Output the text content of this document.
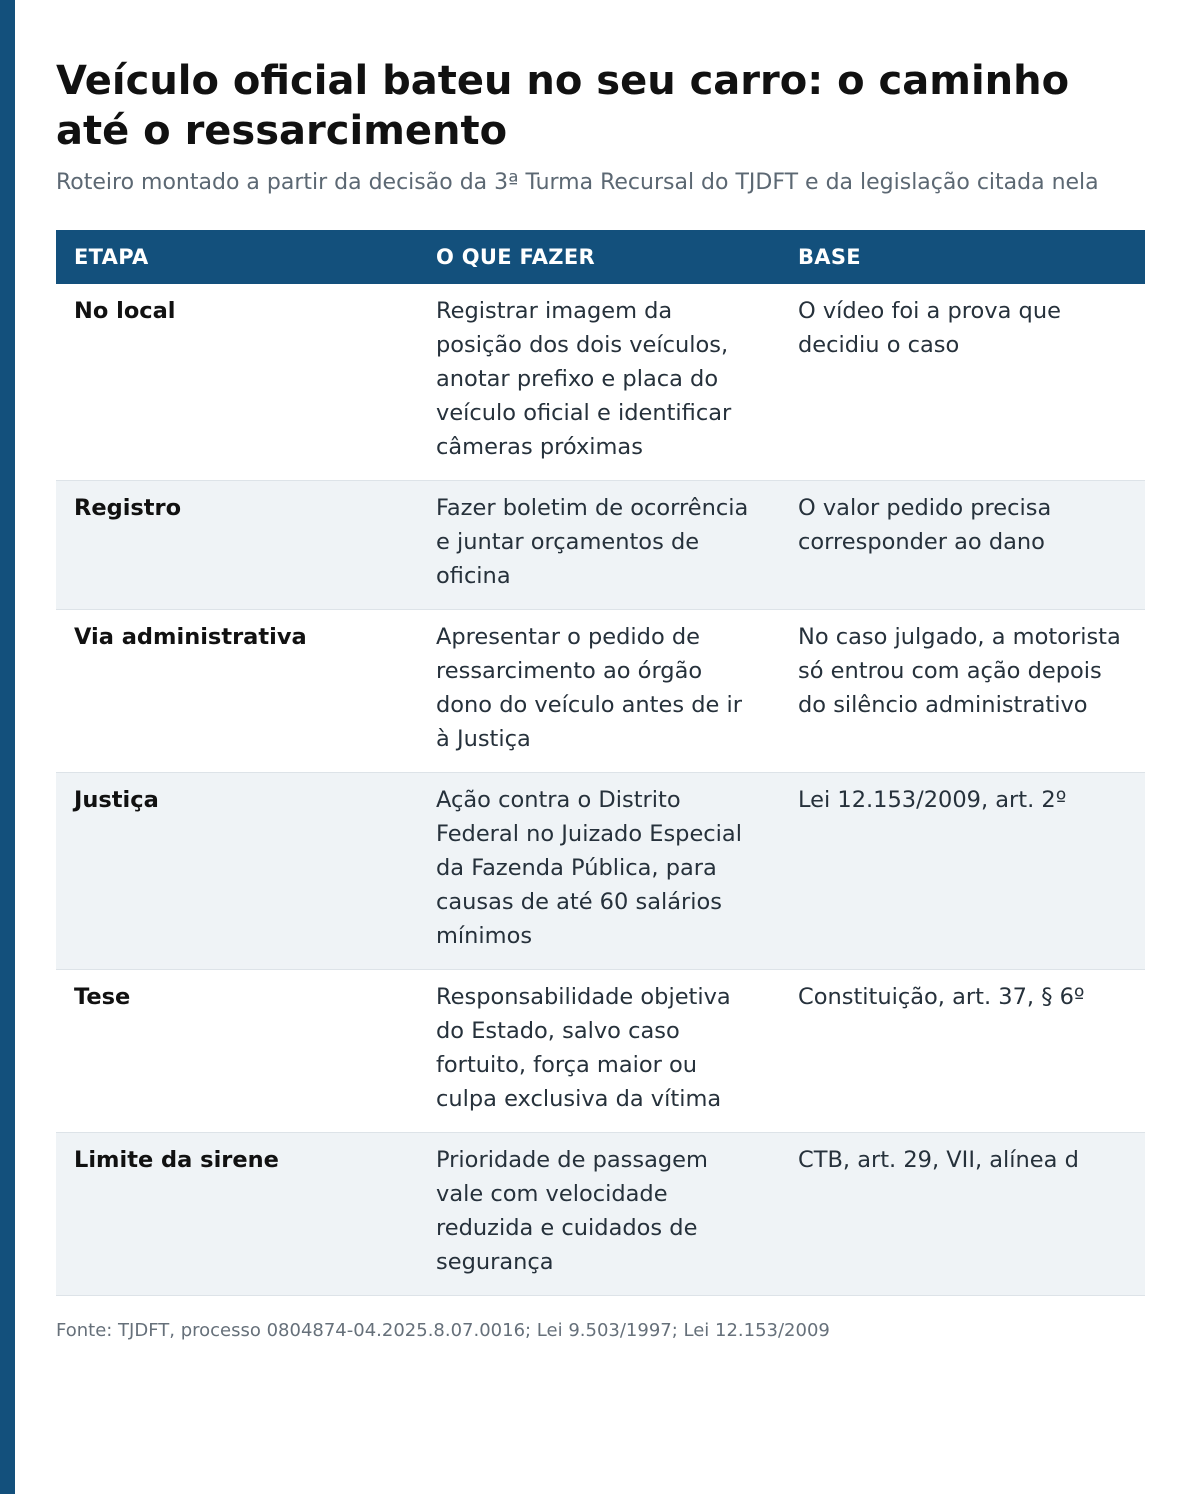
Veículo oficial bateu no seu carro: o caminho até o ressarcimento

Roteiro montado a partir da decisão da 3ª Turma Recursal do TJDFT e da legislação citada nela

ETAPA	O QUE FAZER	BASE
No local	Registrar imagem da posição dos dois veículos, anotar prefixo e placa do veículo oficial e identificar câmeras próximas	O vídeo foi a prova que decidiu o caso
Registro	Fazer boletim de ocorrência e juntar orçamentos de oficina	O valor pedido precisa corresponder ao dano
Via administrativa	Apresentar o pedido de ressarcimento ao órgão dono do veículo antes de ir à Justiça	No caso julgado, a motorista só entrou com ação depois do silêncio administrativo
Justiça	Ação contra o Distrito Federal no Juizado Especial da Fazenda Pública, para causas de até 60 salários mínimos	Lei 12.153/2009, art. 2º
Tese	Responsabilidade objetiva do Estado, salvo caso fortuito, força maior ou culpa exclusiva da vítima	Constituição, art. 37, § 6º
Limite da sirene	Prioridade de passagem vale com velocidade reduzida e cuidados de segurança	CTB, art. 29, VII, alínea d

Fonte: TJDFT, processo 0804874-04.2025.8.07.0016; Lei 9.503/1997; Lei 12.153/2009
